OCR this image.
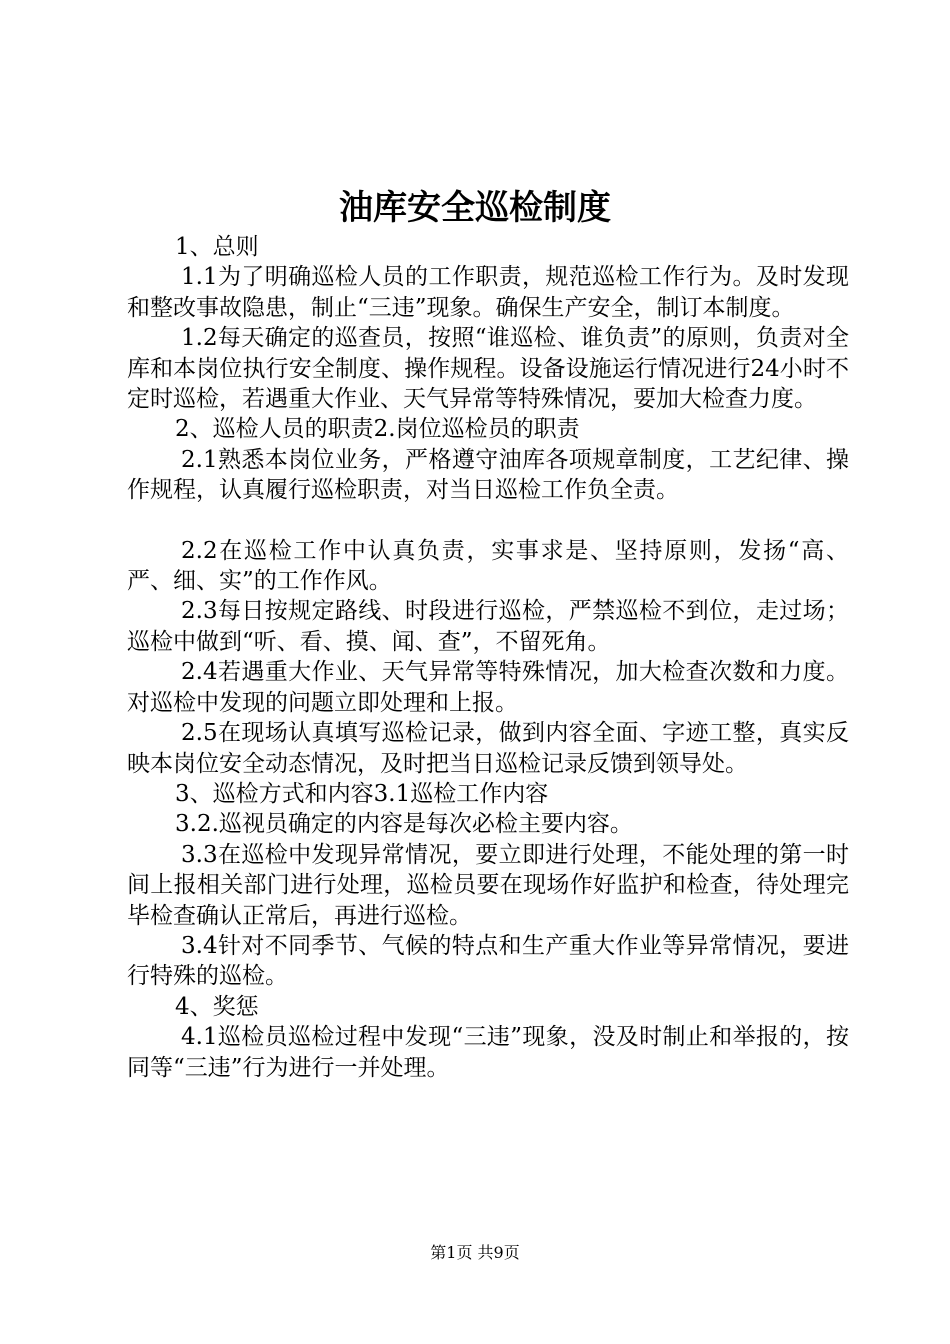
油库安全巡检制度

1、总则

1.1为了明确巡检人员的工作职责，规范巡检工作行为。及时发现和整改事故隐患，制止“三违”现象。确保生产安全，制订本制度。

1.2每天确定的巡查员，按照“谁巡检、谁负责”的原则，负责对全库和本岗位执行安全制度、操作规程。设备设施运行情况进行24小时不定时巡检，若遇重大作业、天气异常等特殊情况，要加大检查力度。

2、巡检人员的职责2.岗位巡检员的职责

2.1熟悉本岗位业务，严格遵守油库各项规章制度，工艺纪律、操作规程，认真履行巡检职责，对当日巡检工作负全责。

2.2在巡检工作中认真负责，实事求是、坚持原则，发扬“高、严、细、实”的工作作风。

2.3每日按规定路线、时段进行巡检，严禁巡检不到位，走过场；巡检中做到“听、看、摸、闻、查”，不留死角。

2.4若遇重大作业、天气异常等特殊情况，加大检查次数和力度。对巡检中发现的问题立即处理和上报。

2.5在现场认真填写巡检记录，做到内容全面、字迹工整，真实反映本岗位安全动态情况，及时把当日巡检记录反馈到领导处。

3、巡检方式和内容3.1巡检工作内容

3.2.巡视员确定的内容是每次必检主要内容。

3.3在巡检中发现异常情况，要立即进行处理，不能处理的第一时间上报相关部门进行处理，巡检员要在现场作好监护和检查，待处理完毕检查确认正常后，再进行巡检。

3.4针对不同季节、气候的特点和生产重大作业等异常情况，要进行特殊的巡检。

4、奖惩

4.1巡检员巡检过程中发现“三违”现象，没及时制止和举报的，按同等“三违”行为进行一并处理。

第1页 共9页
